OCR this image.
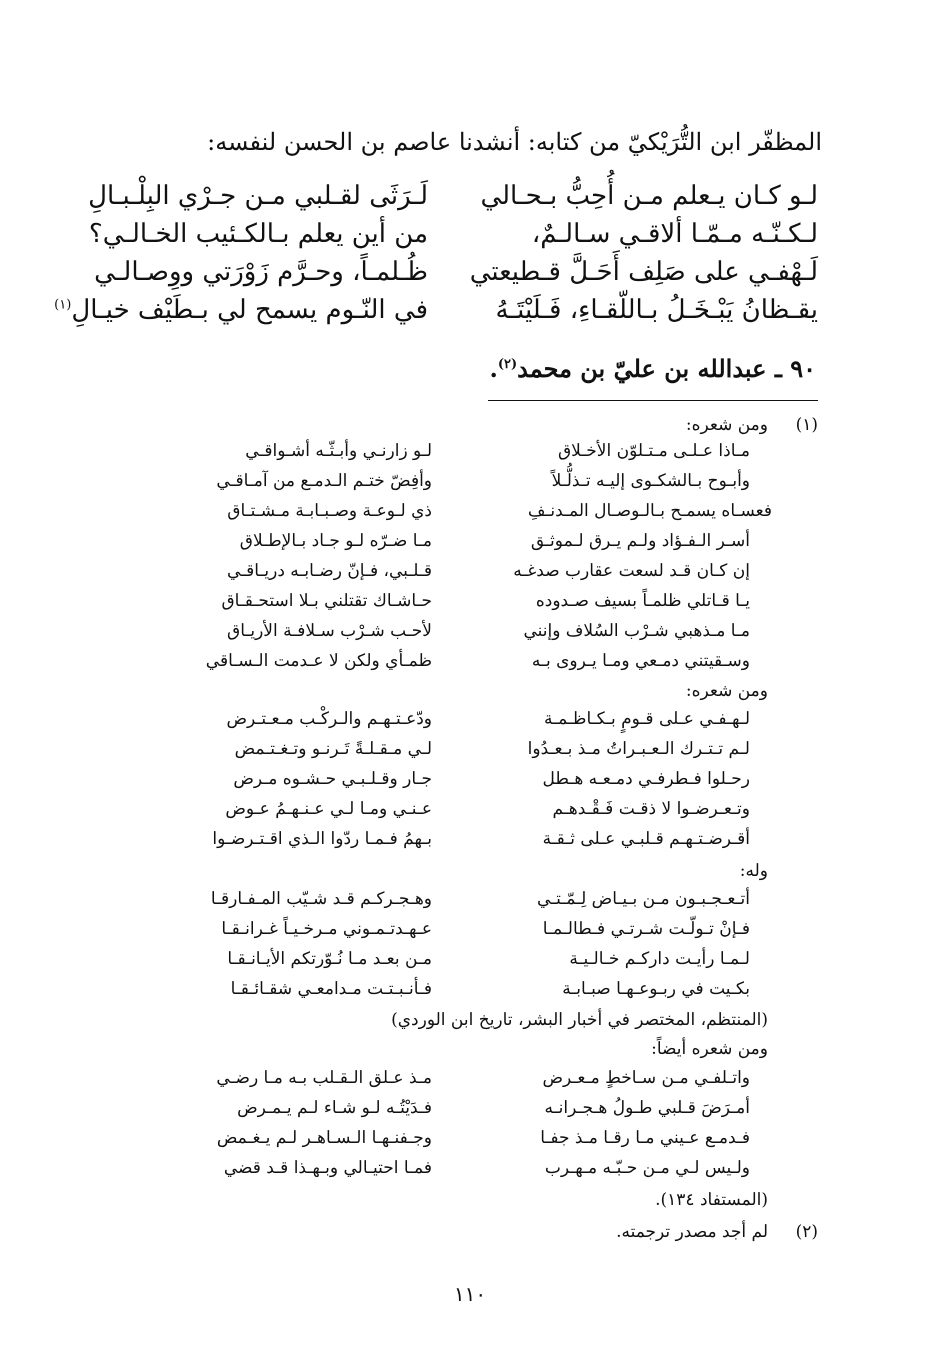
المظفّر ابن التُّرَيْكيّ من كتابه: أنشدنا عاصم بن الحسن لنفسه:
لـو كـان يـعلم مـن أُحِبُّ بـحـالي
لَـرَثَى لقـلبي مـن جـرْي البِلْـبـالِ
لـكـنّـه مـمّـا ألاقـي سـالـمٌ،
من أين يعلم بـالكـئيب الخـالـي؟
لَـهْفـي على صَلِف أَحَـلَّ قـطيعتي
ظُـلمـاً، وحـرَّم زَوْرَتي ووِصـالـي
يقـظانُ يَبْـخَـلُ بـاللّقـاءِ، فَـلَيْتَـهُ
في النّـوم يسمح لي بـطَيْف خيـالِ$^{(١)}$
٩٠ ـ عبدالله بن عليّ بن محمد$^{(٢)}$.
(١)
ومن شعره:
مـاذا عـلـى مـتـلوّن الأخـلاق
لـو زارنـي وأبـثّـه أشـواقـي
وأبـوح بـالشكـوى إليـه تـذلُّـلاً
وأفِضّ ختـم الـدمـع من آمـاقـي
فعسـاه يسمـح بـالـوصـال المـدنـفِ
ذي لـوعـة وصـبـابـة مـشـتـاق
أسـر الـفـؤاد ولـم يـرق لـموثـق
مـا ضـرّه لـو جـاد بـالإطـلاق
إن كـان قـد لسعت عقارب صدغـه
قـلـبي، فـإنّ رضـابـه دريـاقـي
يـا قـاتلي ظلمـاً بسيف صـدوده
حـاشـاك تقتلني بـلا استحـقـاق
مـا مـذهبي شـرْب السُلاف وإنني
لأحـب شـرْب سـلافـة الأريـاق
وسـقيتني دمـعي ومـا يـروى بـه
ظمـأي ولكن لا عـدمت الـسـاقي
ومن شعره:
لـهـفـي عـلى قـومٍ بـكـاظـمـة
ودّعـتـهـم والـركْـب مـعـتـرض
لـم تـتـرك الـعـبـراتُ مـذ بـعـدُوا
لـي مـقـلـةً تَـرنـو وتـغـتـمض
رحـلوا فـطرفـي دمـعـه هـطل
جـار وقـلـبـي حـشـوه مـرض
وتـعـرضـوا لا ذقـت فَـقْـدهـم
عـنـي ومـا لـي عـنـهـمُ عـوض
أقـرضـتـهـم قـلبـي عـلى ثـقـة
بـهمُ فـمـا ردّوا الـذي اقـتـرضـوا
وله:
أتـعـجـبـون مـن بـيـاض لِـمّـتـي
وهـجـركـم قـد شـيّب المـفـارقـا
فـإنْ تـولّـت شـرتـي فـطالـمـا
عـهـدتـمـوني مـرخـيـاً غـرانـقـا
لـمـا رأيـت داركـم خـالـيـة
مـن بعـد مـا نُـوّرتكم الأيـانـقـا
بكـيت في ربـوعـهـا صبـابـة
فـأنـبـتـت مـدامعـي شقـائـقـا
(المنتظم، المختصر في أخبار البشر، تاريخ ابن الوردي)
ومن شعره أيضاً:
واتـلفـي مـن سـاخطٍ مـعـرض
مـذ عـلق الـقـلب بـه مـا رضـي
أمـرَضَ قـلبي طـولُ هـجـرانـه
فـدَيْتُـه لـو شـاء لـم يـمـرض
فـدمـع عـيني مـا رقـا مـذ جفـا
وجـفنـهـا الـسـاهـر لـم يـغـمض
ولـيس لـي مـن حـبّـه مـهـرب
فمـا احتيـالي وبـهـذا قـد قضي
(المستفاد ١٣٤).
(٢)
لم أجد مصدر ترجمته.
١١٠
